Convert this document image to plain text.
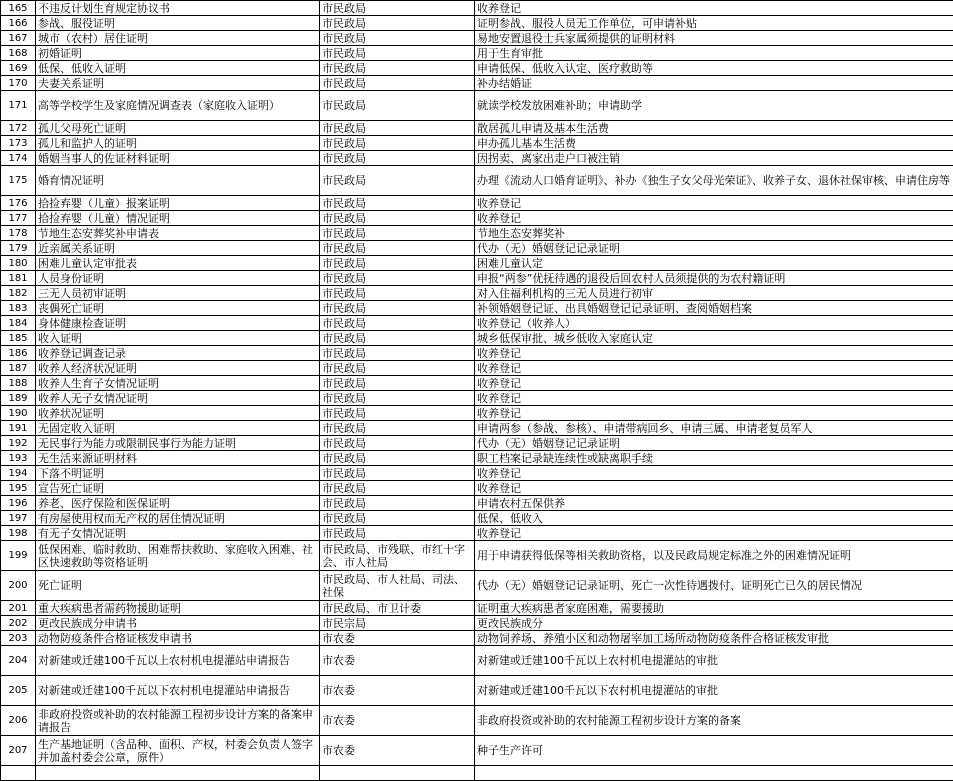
165	不违反计划生育规定协议书	市民政局	收养登记
166	参战、服役证明	市民政局	证明参战、服役人员无工作单位，可申请补贴
167	城市（农村）居住证明	市民政局	易地安置退役士兵家属须提供的证明材料
168	初婚证明	市民政局	用于生育审批
169	低保、低收入证明	市民政局	申请低保、低收入认定、医疗救助等
170	夫妻关系证明	市民政局	补办结婚证
171	高等学校学生及家庭情况调查表（家庭收入证明）	市民政局	就读学校发放困难补助；申请助学
172	孤儿父母死亡证明	市民政局	散居孤儿申请及基本生活费
173	孤儿和监护人的证明	市民政局	申办孤儿基本生活费
174	婚姻当事人的佐证材料证明	市民政局	因拐卖、离家出走户口被注销
175	婚育情况证明	市民政局	办理《流动人口婚育证明》、补办《独生子女父母光荣证》、收养子女、退休社保审核、申请住房等
176	拾捡弃婴（儿童）报案证明	市民政局	收养登记
177	拾捡弃婴（儿童）情况证明	市民政局	收养登记
178	节地生态安葬奖补申请表	市民政局	节地生态安葬奖补
179	近亲属关系证明	市民政局	代办（无）婚姻登记记录证明
180	困难儿童认定审批表	市民政局	困难儿童认定
181	人员身份证明	市民政局	申报“两参”优抚待遇的退役后回农村人员须提供的为农村籍证明
182	三无人员初审证明	市民政局	对入住福利机构的三无人员进行初审
183	丧偶死亡证明	市民政局	补领婚姻登记证、出具婚姻登记记录证明、查阅婚姻档案
184	身体健康检查证明	市民政局	收养登记（收养人）
185	收入证明	市民政局	城乡低保审批、城乡低收入家庭认定
186	收养登记调查记录	市民政局	收养登记
187	收养人经济状况证明	市民政局	收养登记
188	收养人生育子女情况证明	市民政局	收养登记
189	收养人无子女情况证明	市民政局	收养登记
190	收养状况证明	市民政局	收养登记
191	无固定收入证明	市民政局	申请两参（参战、参核）、申请带病回乡、申请三属、申请老复员军人
192	无民事行为能力或限制民事行为能力证明	市民政局	代办（无）婚姻登记记录证明
193	无生活来源证明材料	市民政局	职工档案记录缺连续性或缺离职手续
194	下落不明证明	市民政局	收养登记
195	宣告死亡证明	市民政局	收养登记
196	养老、医疗保险和医保证明	市民政局	申请农村五保供养
197	有房屋使用权而无产权的居住情况证明	市民政局	低保、低收入
198	有无子女情况证明	市民政局	收养登记
199	低保困难、临时救助、困难帮扶救助、家庭收入困难、社区快速救助等资格证明	市民政局、市残联、市红十字会、市人社局	用于申请获得低保等相关救助资格，以及民政局规定标准之外的困难情况证明
200	死亡证明	市民政局、市人社局、司法、社保	代办（无）婚姻登记记录证明、死亡一次性待遇拨付、证明死亡已久的居民情况
201	重大疾病患者需药物援助证明	市民政局、市卫计委	证明重大疾病患者家庭困难，需要援助
202	更改民族成分申请书	市民宗局	更改民族成分
203	动物防疫条件合格证核发申请书	市农委	动物饲养场、养殖小区和动物屠宰加工场所动物防疫条件合格证核发审批
204	对新建或迁建100千瓦以上农村机电提灌站申请报告	市农委	对新建或迁建100千瓦以上农村机电提灌站的审批
205	对新建或迁建100千瓦以下农村机电提灌站申请报告	市农委	对新建或迁建100千瓦以下农村机电提灌站的审批
206	非政府投资或补助的农村能源工程初步设计方案的备案申请报告	市农委	非政府投资或补助的农村能源工程初步设计方案的备案
207	生产基地证明（含品种、面积、产权，村委会负责人签字并加盖村委会公章，原件）	市农委	种子生产许可
